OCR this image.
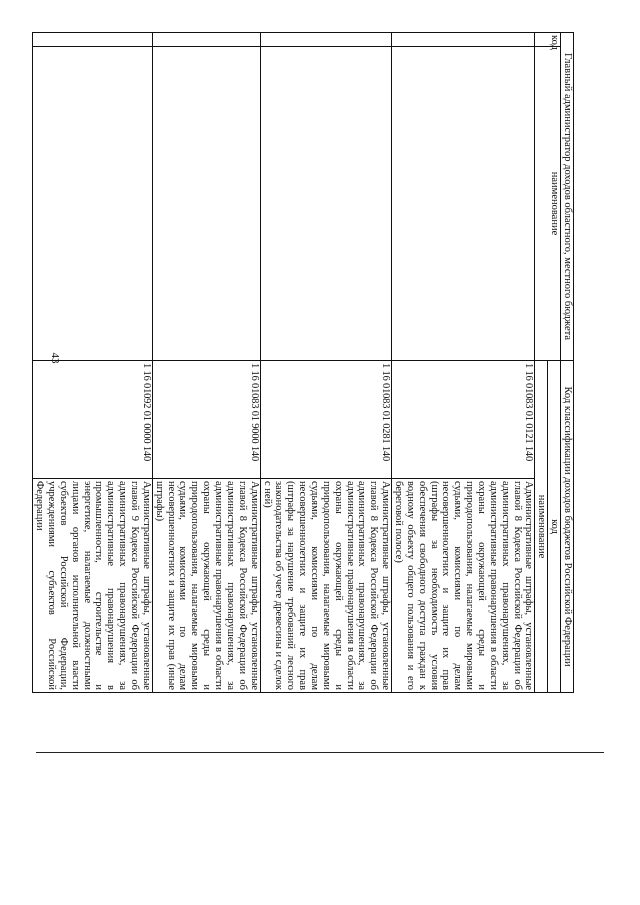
43
Главный администратор доходов областного, местного бюджета		Код классификации доходов бюджетов Российской Федерации	
код	наименование	код	
		наименование	
		1 16 01083 01 0121 140	Административные штрафы, установленные главой 8 Кодекса Российской Федерации об административных правонарушениях, за административные правонарушения в области охраны окружающей среды и природопользования, налагаемые мировыми судьями, комиссиями по делам несовершеннолетних и защите их прав (штрафы за необходимость условия обеспечения свободного доступа граждан к водному объекту общего пользования и его береговой полосе)
		1 16 01083 01 0281 140	Административные штрафы, установленные главой 8 Кодекса Российской Федерации об административных правонарушениях, за административные правонарушения в области охраны окружающей среды и природопользования, налагаемые мировыми судьями, комиссиями по делам несовершеннолетних и защите их прав (штрафы за нарушение требований лесного законодательства об учете древесины и сделок с ней)
		1 16 01083 01 9000 140	Административные штрафы, установленные главой 8 Кодекса Российской Федерации об административных правонарушениях, за административные правонарушения в области охраны окружающей среды и природопользования, налагаемые мировыми судьями, комиссиями по делам несовершеннолетних и защите их прав (иные штрафы)
		1 16 01092 01 0000 140	Административные штрафы, установленные главой 9 Кодекса Российской Федерации об административных правонарушениях, за административные правонарушения в промышленности, строительстве и энергетике, налагаемые должностными лицами органов исполнительной власти субъектов Российской Федерации, учреждениями субъектов Российской Федерации
